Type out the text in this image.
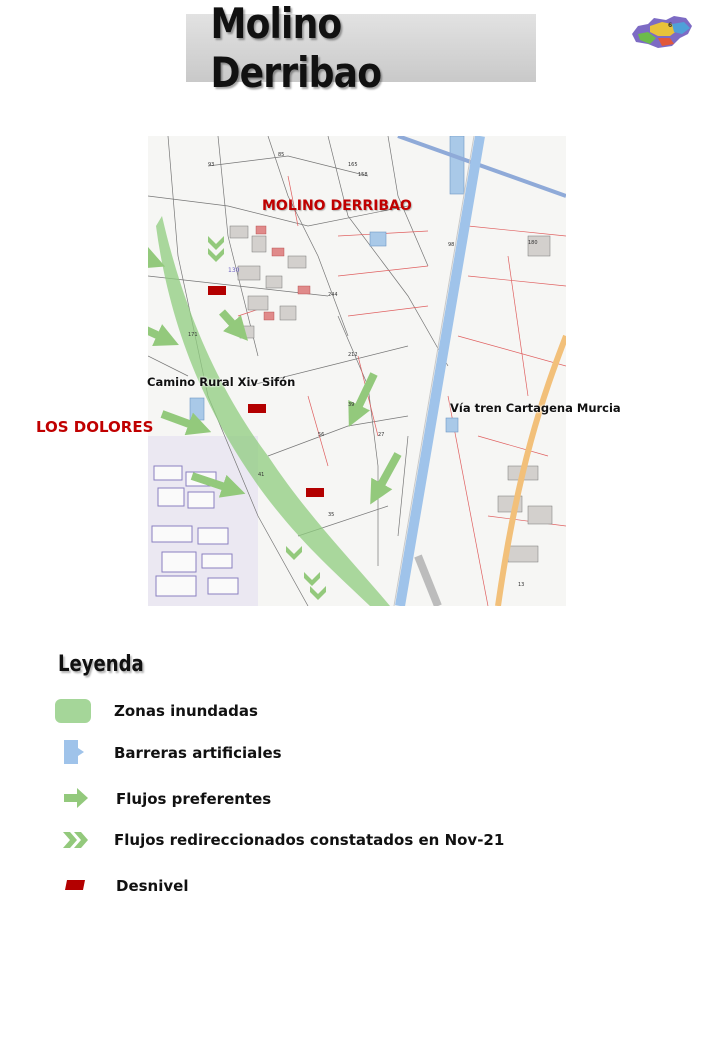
Molino Derribao
6
93
85
165
158
244
39
27
56
212
180
98
171
41
35
13
130
MOLINO DERRIBAO
LOS DOLORES
Camino Rural Xiv Sifón
Vía tren Cartagena Murcia
Leyenda
Zonas inundadas
Barreras artificiales
Flujos preferentes
Flujos redireccionados constatados en Nov-21
Desnivel
